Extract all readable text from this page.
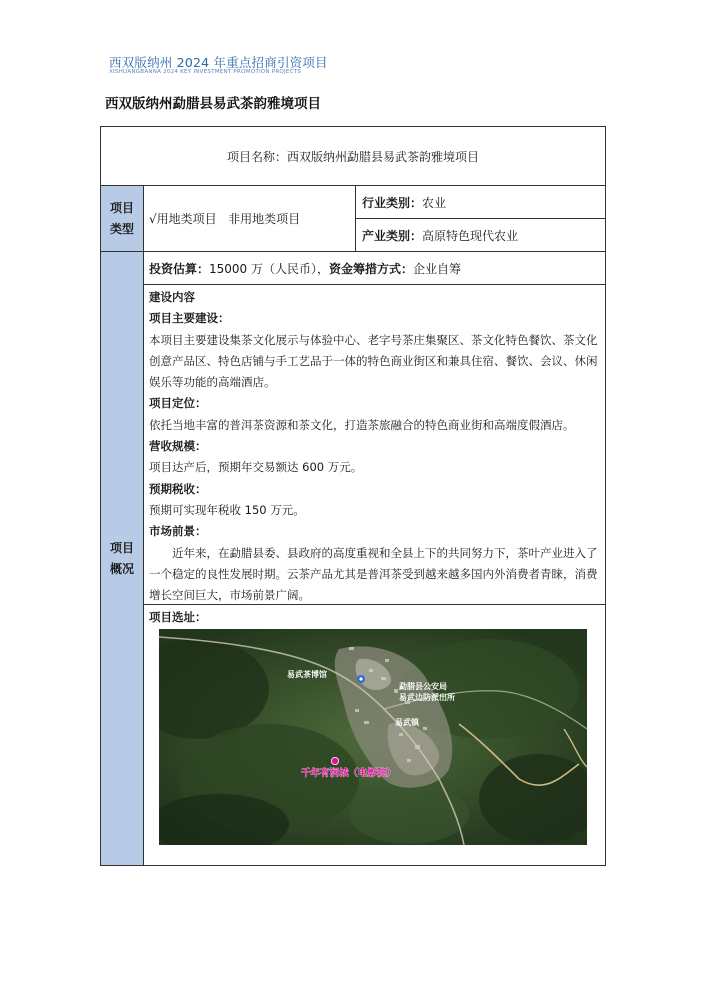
西双版纳州 2024 年重点招商引资项目
XISHUANGBANNA 2024 KEY INVESTMENT PROMOTION PROJECTS
西双版纳州勐腊县易武茶韵雅境项目
项目名称：西双版纳州勐腊县易武茶韵雅境项目
项目
类型
√用地类项目   非用地类项目
行业类别： 农业
产业类别： 高原特色现代农业
项目
概况
投资估算： 15000 万（人民币）， 资金筹措方式： 企业自筹

建设内容

项目主要建设：

本项目主要建设集茶文化展示与体验中心、老字号茶庄集聚区、茶文化特色餐饮、茶文化创意产品区、特色店铺与手工艺品于一体的特色商业街区和兼具住宿、餐饮、会议、休闲娱乐等功能的高端酒店。

项目定位：

依托当地丰富的普洱茶资源和茶文化，打造茶旅融合的特色商业街和高端度假酒店。

营收规模：

项目达产后，预期年交易额达 600 万元。

预期税收：

预期可实现年税收 150 万元。

市场前景：

近年来，在勐腊县委、县政府的高度重视和全县上下的共同努力下，茶叶产业进入了一个稳定的良性发展时期。云茶产品尤其是普洱茶受到越来越多国内外消费者青睐，消费增长空间巨大，市场前景广阔。

项目选址：
易武茶博馆
勐腊县公安局
易武边防派出所
易武镇
千年有润城（电影院）
